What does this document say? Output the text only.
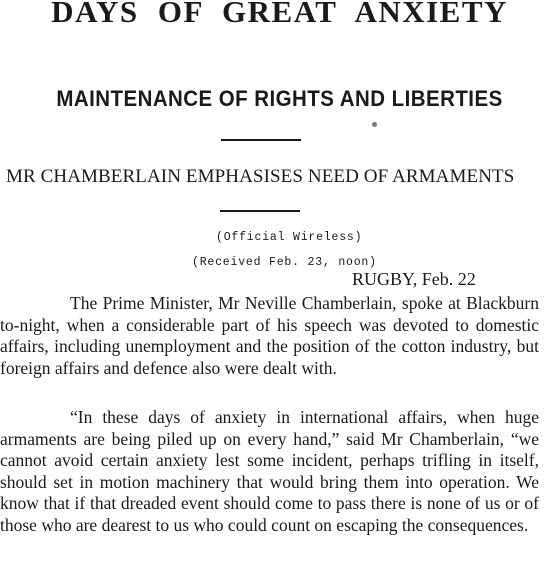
DAYS OF GREAT ANXIETY
MAINTENANCE OF RIGHTS AND LIBERTIES
MR CHAMBERLAIN EMPHASISES NEED OF ARMAMENTS
(Official Wireless)
(Received Feb. 23, noon)
RUGBY, Feb. 22

The Prime Minister, Mr Neville Chamberlain, spoke at Blackburn to-night, when a considerable part of his speech was devoted to domestic affairs, including unemployment and the position of the cotton industry, but foreign affairs and defence also were dealt with.

“In these days of anxiety in international affairs, when huge armaments are being piled up on every hand,” said Mr Chamberlain, “we cannot avoid certain anxiety lest some incident, perhaps trifling in itself, should set in motion machinery that would bring them into operation. We know that if that dreaded event should come to pass there is none of us or of those who are dearest to us who could count on escaping the consequences.
